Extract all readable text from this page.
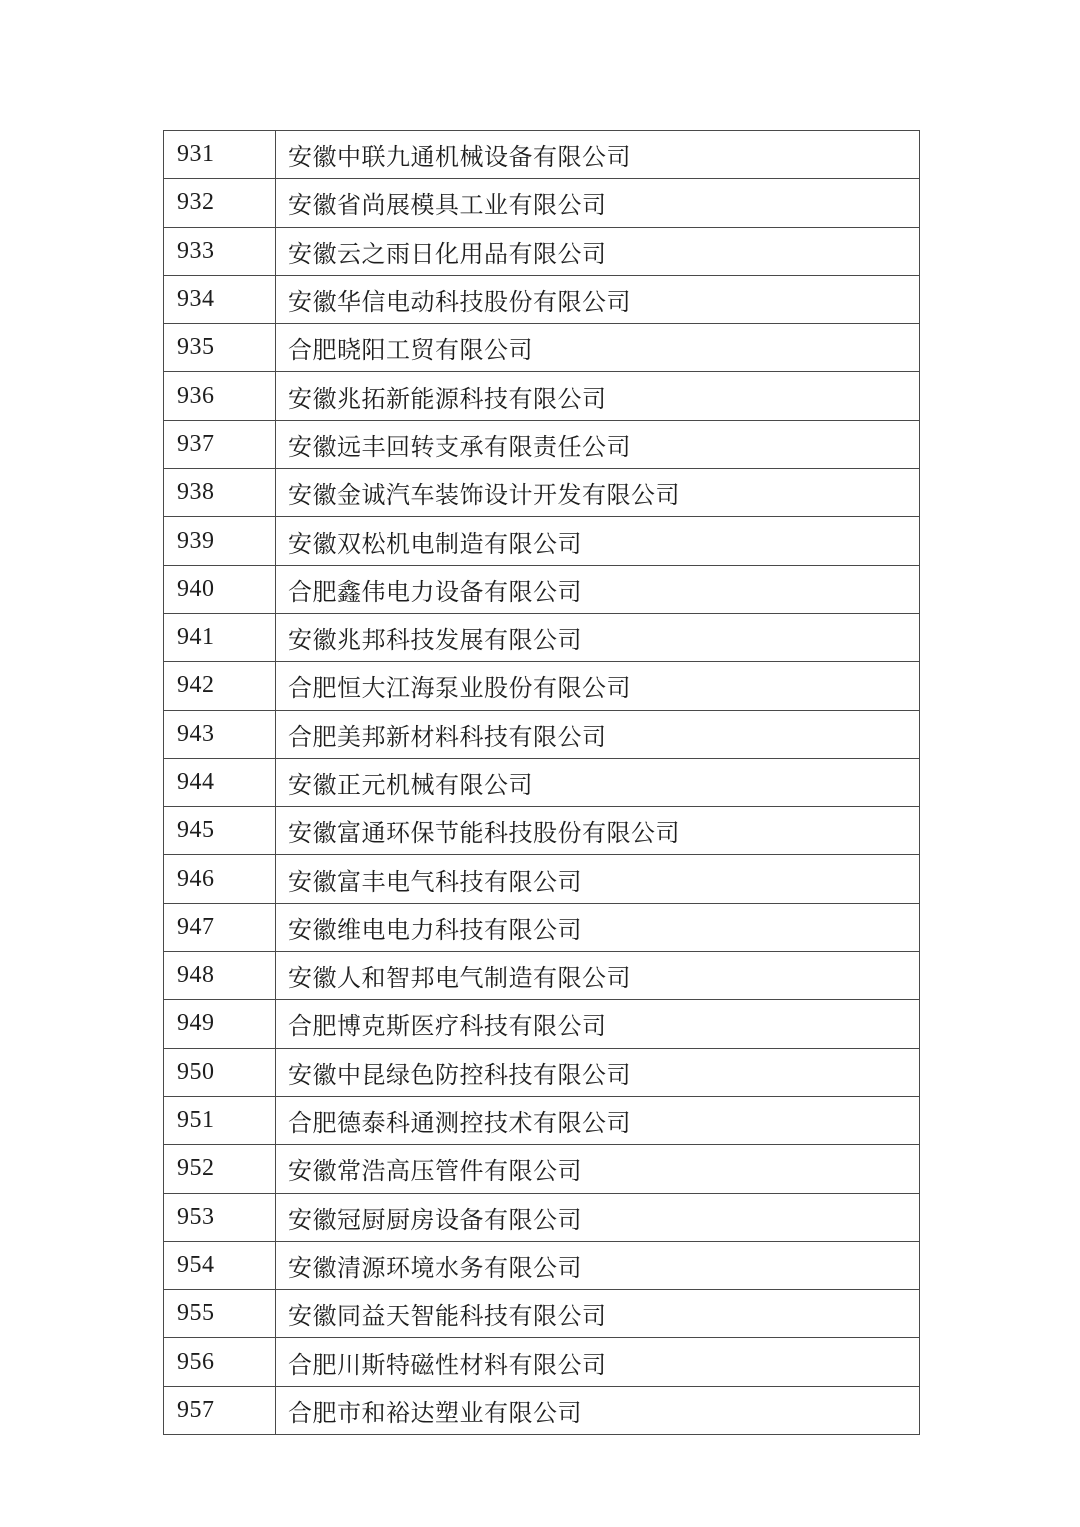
931	安徽中联九通机械设备有限公司
932	安徽省尚展模具工业有限公司
933	安徽云之雨日化用品有限公司
934	安徽华信电动科技股份有限公司
935	合肥晓阳工贸有限公司
936	安徽兆拓新能源科技有限公司
937	安徽远丰回转支承有限责任公司
938	安徽金诚汽车装饰设计开发有限公司
939	安徽双松机电制造有限公司
940	合肥鑫伟电力设备有限公司
941	安徽兆邦科技发展有限公司
942	合肥恒大江海泵业股份有限公司
943	合肥美邦新材料科技有限公司
944	安徽正元机械有限公司
945	安徽富通环保节能科技股份有限公司
946	安徽富丰电气科技有限公司
947	安徽维电电力科技有限公司
948	安徽人和智邦电气制造有限公司
949	合肥博克斯医疗科技有限公司
950	安徽中昆绿色防控科技有限公司
951	合肥德泰科通测控技术有限公司
952	安徽常浩高压管件有限公司
953	安徽冠厨厨房设备有限公司
954	安徽清源环境水务有限公司
955	安徽同益天智能科技有限公司
956	合肥川斯特磁性材料有限公司
957	合肥市和裕达塑业有限公司
